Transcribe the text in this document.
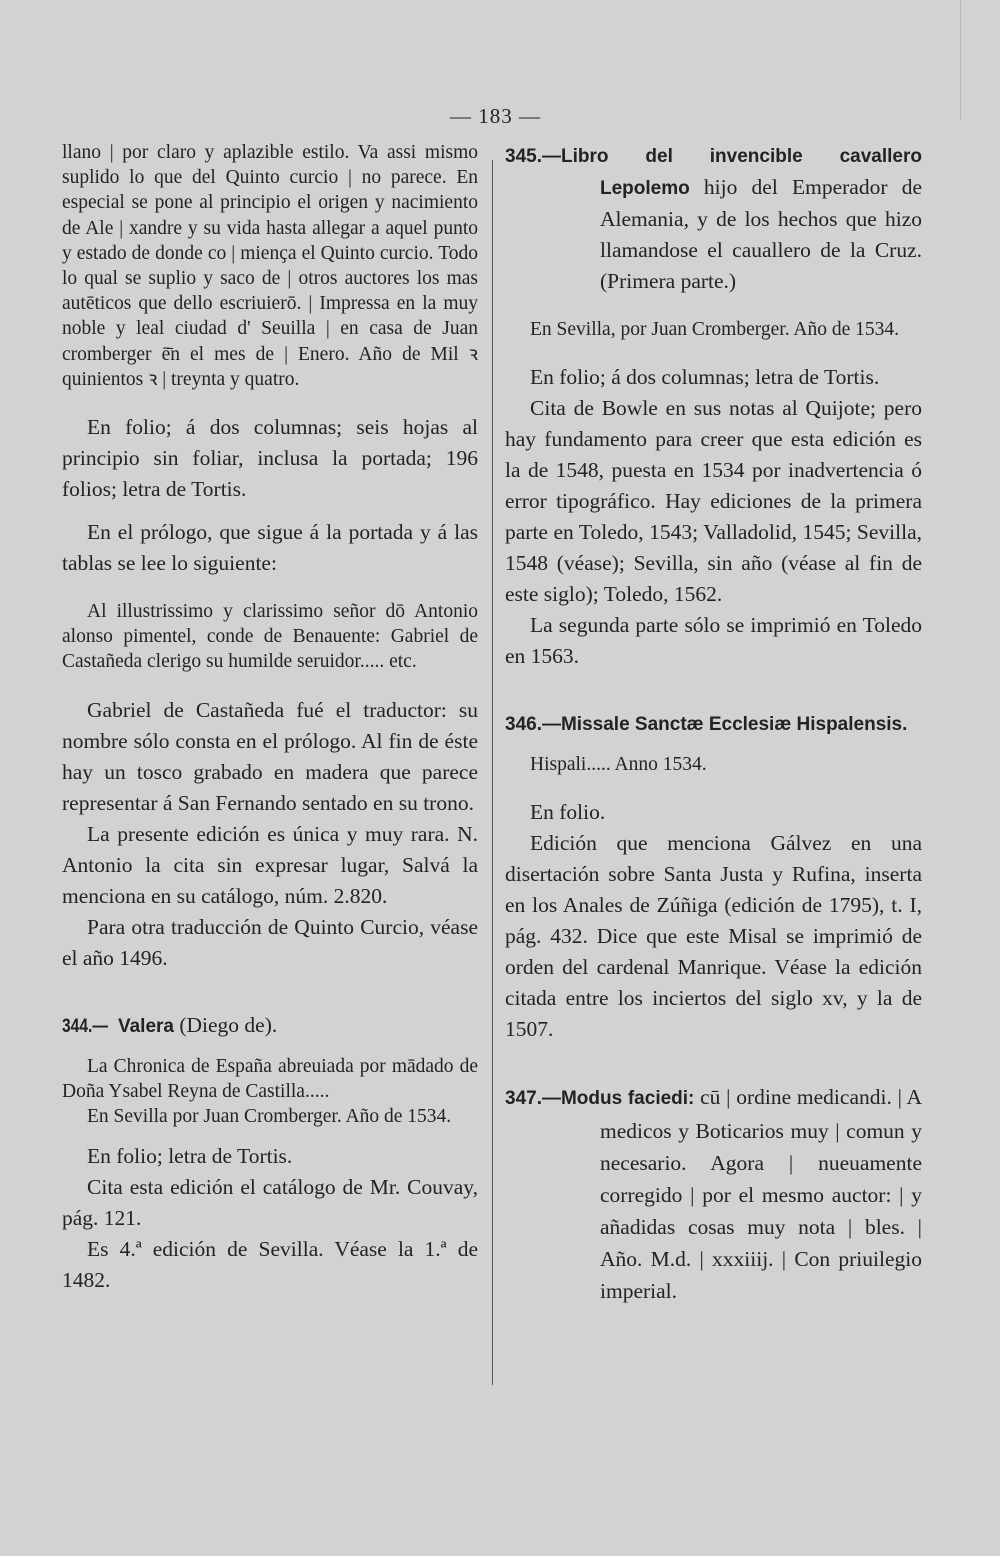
— 183 —

llano | por claro y aplazible estilo. Va assi mismo suplido lo que del Quinto curcio | no parece. En especial se pone al principio el origen y nacimiento de Ale | xandre y su vida hasta allegar a aquel punto y estado de donde co | mienҫa el Quinto curcio. Todo lo qual se suplio y saco de | otros auctores los mas autēticos que dello escriuierō. | Impressa en la muy noble y leal ciudad d' Seuilla | en casa de Juan cromberger ē̄n el mes de | Enero. Año de Mil ꝛ quinientos ꝛ | treynta y quatro.

En folio; á dos columnas; seis hojas al principio sin foliar, inclusa la portada; 196 folios; letra de Tortis.

En el prólogo, que sigue á la portada y á las tablas se lee lo siguiente:

Al illustrissimo y clarissimo señor dō Antonio alonso pimentel, conde de Benauente: Gabriel de Castañeda clerigo su humilde seruidor..... etc.

Gabriel de Castañeda fué el traductor: su nombre sólo consta en el prólogo. Al fin de éste hay un tosco grabado en madera que parece representar á San Fernando sentado en su trono.

La presente edición es única y muy rara. N. Antonio la cita sin expresar lugar, Salvá la menciona en su catálogo, núm. 2.820.

Para otra traducción de Quinto Curcio, véase el año 1496.

344.— Valera (Diego de).

La Chronica de España abreuiada por mādado de Doña Ysabel Reyna de Castilla.....

En Sevilla por Juan Cromberger. Año de 1534.

En folio; letra de Tortis.

Cita esta edición el catálogo de Mr. Couvay, pág. 121.

Es 4.ª edición de Sevilla. Véase la 1.ª de 1482.

345.—Libro del invencible cavallero Lepolemo hijo del Emperador de Alemania, y de los hechos que hizo llamandose el cauallero de la Cruz. (Primera parte.)

En Sevilla, por Juan Cromberger. Año de 1534.

En folio; á dos columnas; letra de Tortis.

Cita de Bowle en sus notas al Quijote; pero hay fundamento para creer que esta edición es la de 1548, puesta en 1534 por inadvertencia ó error tipográfico. Hay ediciones de la primera parte en Toledo, 1543; Valladolid, 1545; Sevilla, 1548 (véase); Sevilla, sin año (véase al fin de este siglo); Toledo, 1562.

La segunda parte sólo se imprimió en Toledo en 1563.

346.—Missale Sanctæ Ecclesiæ Hispalensis.

Hispali..... Anno 1534.

En folio.

Edición que menciona Gálvez en una disertación sobre Santa Justa y Rufina, inserta en los Anales de Zúñiga (edición de 1795), t. I, pág. 432. Dice que este Misal se imprimió de orden del cardenal Manrique. Véase la edición citada entre los inciertos del siglo xv, y la de 1507.

347.—Modus faciedi: cū | ordine medicandi. | A medicos y Boticarios muy | comun y necesario. Agora | nueuamente corregido | por el mesmo auctor: | y añadidas cosas muy nota | bles. | Año. M.d. | xxxiiij. | Con priuilegio imperial.
